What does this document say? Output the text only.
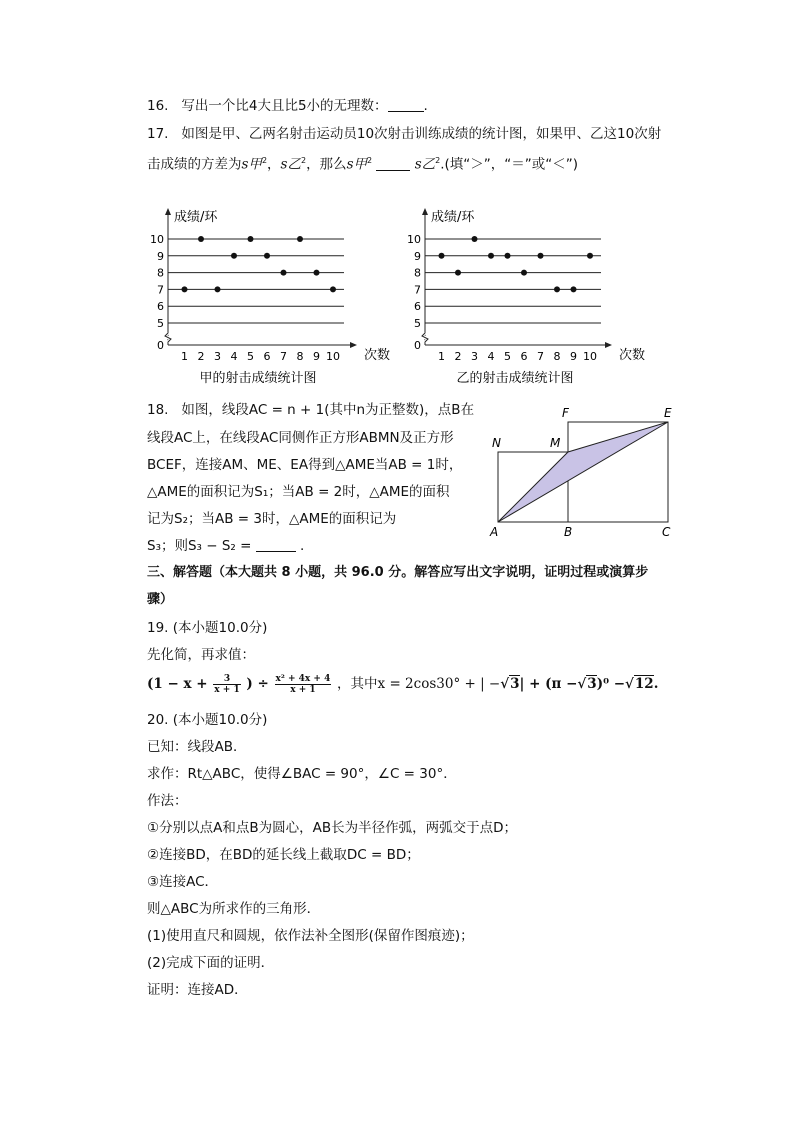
16. 写出一个比4大且比5小的无理数：	.
17. 如图是甲、乙两名射击运动员10次射击训练成绩的统计图，如果甲、乙这10次射
击成绩的方差为s甲$^2$，s乙$^2$，那么s甲$^2$	s乙$^2$.(填“＞”，“＝”或“＜”)
0
5
6
7
8
9
10
1 2 3 4 5 6 7 8 9 10
成绩/环
次数
甲的射击成绩统计图
0
5
6
7
8
9
10
1 2 3 4 5 6 7 8 9 10
成绩/环
次数
乙的射击成绩统计图
18. 如图，线段AC = n + 1(其中n为正整数)，点B在
线段AC上，在线段AC同侧作正方形ABMN及正方形
BCEF，连接AM、ME、EA得到△AME当AB = 1时，
△AME的面积记为S₁；当AB = 2时，△AME的面积
记为S₂；当AB = 3时，△AME的面积记为
S₃；则S₃ − S₂ =	.
N	M
F	E
A	B	C
三、解答题（本大题共 8 小题，共 96.0 分。解答应写出文字说明，证明过程或演算步
骤）
19. (本小题10.0分)
先化简，再求值：
($1 - x + \frac{3}{x + 1}$ ) ÷ $\frac{\text{x² + 4x + 4}}{x + 1}$ ，其中x = 2cos30° + | −√3| + (π −√3)⁰ −√12.
20. (本小题10.0分)
已知：线段AB．
求作：Rt△ABC，使得∠BAC = 90°，∠C = 30°．
作法：
①分别以点A和点B为圆心，AB长为半径作弧，两弧交于点D；
②连接BD，在BD的延长线上截取DC = BD；
③连接AC．
则△ABC为所求作的三角形．
(1)使用直尺和圆规，依作法补全图形(保留作图痕迹)；
(2)完成下面的证明．
证明：连接AD．
